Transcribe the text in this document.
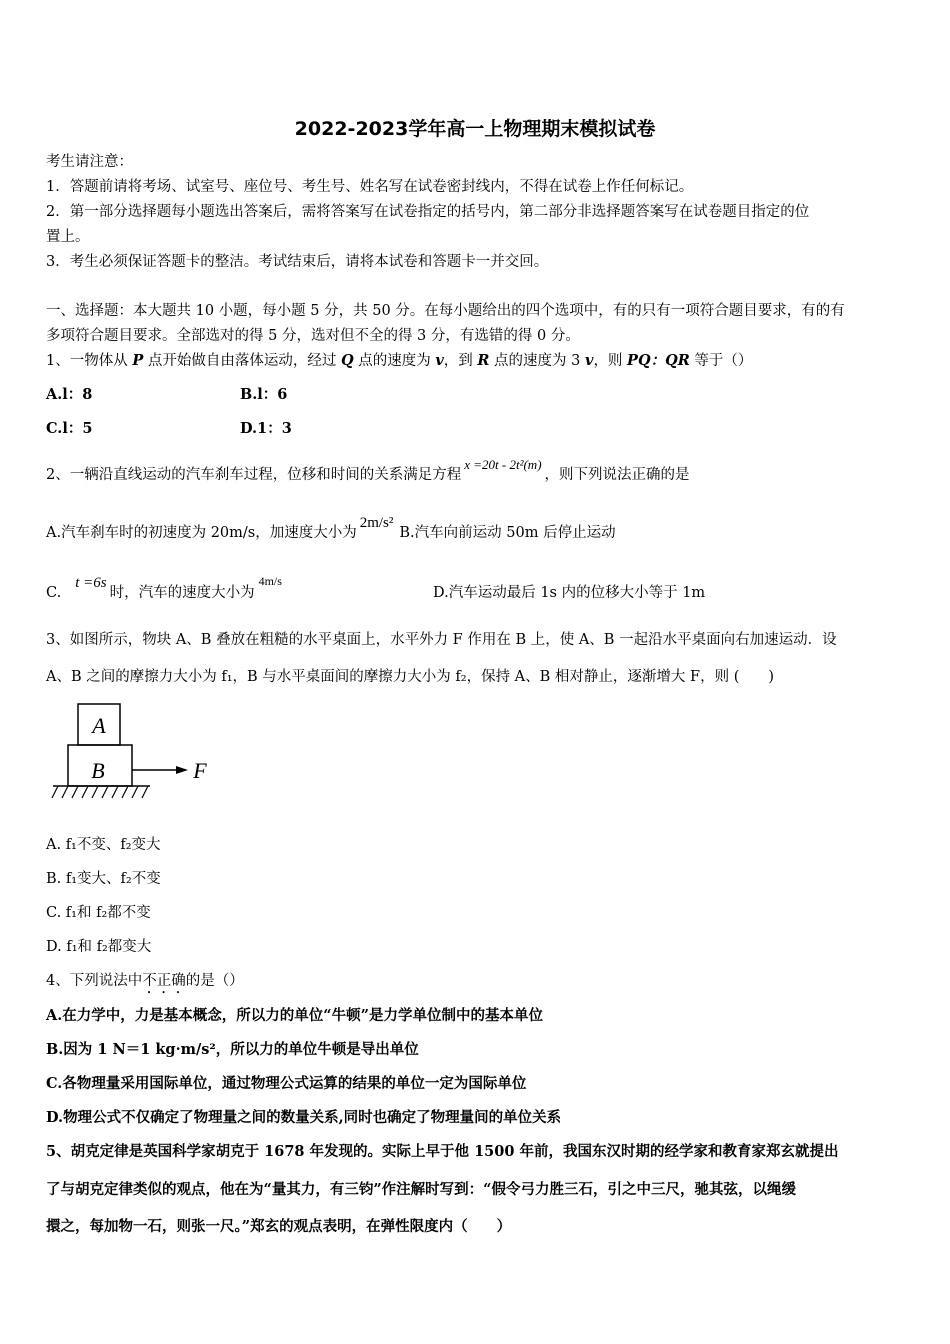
2022-2023学年高一上物理期末模拟试卷
考生请注意：
1．答题前请将考场、试室号、座位号、考生号、姓名写在试卷密封线内，不得在试卷上作任何标记。
2．第一部分选择题每小题选出答案后，需将答案写在试卷指定的括号内，第二部分非选择题答案写在试卷题目指定的位
置上。
3．考生必须保证答题卡的整洁。考试结束后，请将本试卷和答题卡一并交回。
一、选择题：本大题共 10 小题，每小题 5 分，共 50 分。在每小题给出的四个选项中，有的只有一项符合题目要求，有的有
多项符合题目要求。全部选对的得 5 分，选对但不全的得 3 分，有选错的得 0 分。
1、一物体从 P 点开始做自由落体运动，经过 Q 点的速度为 v，到 R 点的速度为 3 v，则 PQ：QR 等于（）
A.l：8	B.l：6
C.l：5	D.1：3
2、一辆沿直线运动的汽车刹车过程，位移和时间的关系满足方程x =20t - 2t²(m)，则下列说法正确的是
A.汽车刹车时的初速度为 20m/s，加速度大小为2m/s²B.汽车向前运动 50m 后停止运动
C.t =6s时，汽车的速度大小为$^{4m/s}$
D.汽车运动最后 1s 内的位移大小等于 1m
3、如图所示，物块 A、B 叠放在粗糙的水平桌面上，水平外力 F 作用在 B 上，使 A、B 一起沿水平桌面向右加速运动．设
A、B 之间的摩擦力大小为 f₁，B 与水平桌面间的摩擦力大小为 f₂，保持 A、B 相对静止，逐渐增大 F，则 (　　)
A
B	F
A. f₁不变、f₂变大
B. f₁变大、f₂不变
C. f₁和 f₂都不变
D. f₁和 f₂都变大
4、下列说法中不正确的是（）
A.在力学中，力是基本概念，所以力的单位“牛顿”是力学单位制中的基本单位
B.因为 1 N＝1 kg·m/s²，所以力的单位牛顿是导出单位
C.各物理量采用国际单位，通过物理公式运算的结果的单位一定为国际单位
D.物理公式不仅确定了物理量之间的数量关系,同时也确定了物理量间的单位关系
5、胡克定律是英国科学家胡克于 1678 年发现的。实际上早于他 1500 年前，我国东汉时期的经学家和教育家郑玄就提出
了与胡克定律类似的观点，他在为“量其力，有三钧”作注解时写到：“假令弓力胜三石，引之中三尺，驰其弦，以绳缓
擐之，每加物一石，则张一尺。”郑玄的观点表明，在弹性限度内（　　）
